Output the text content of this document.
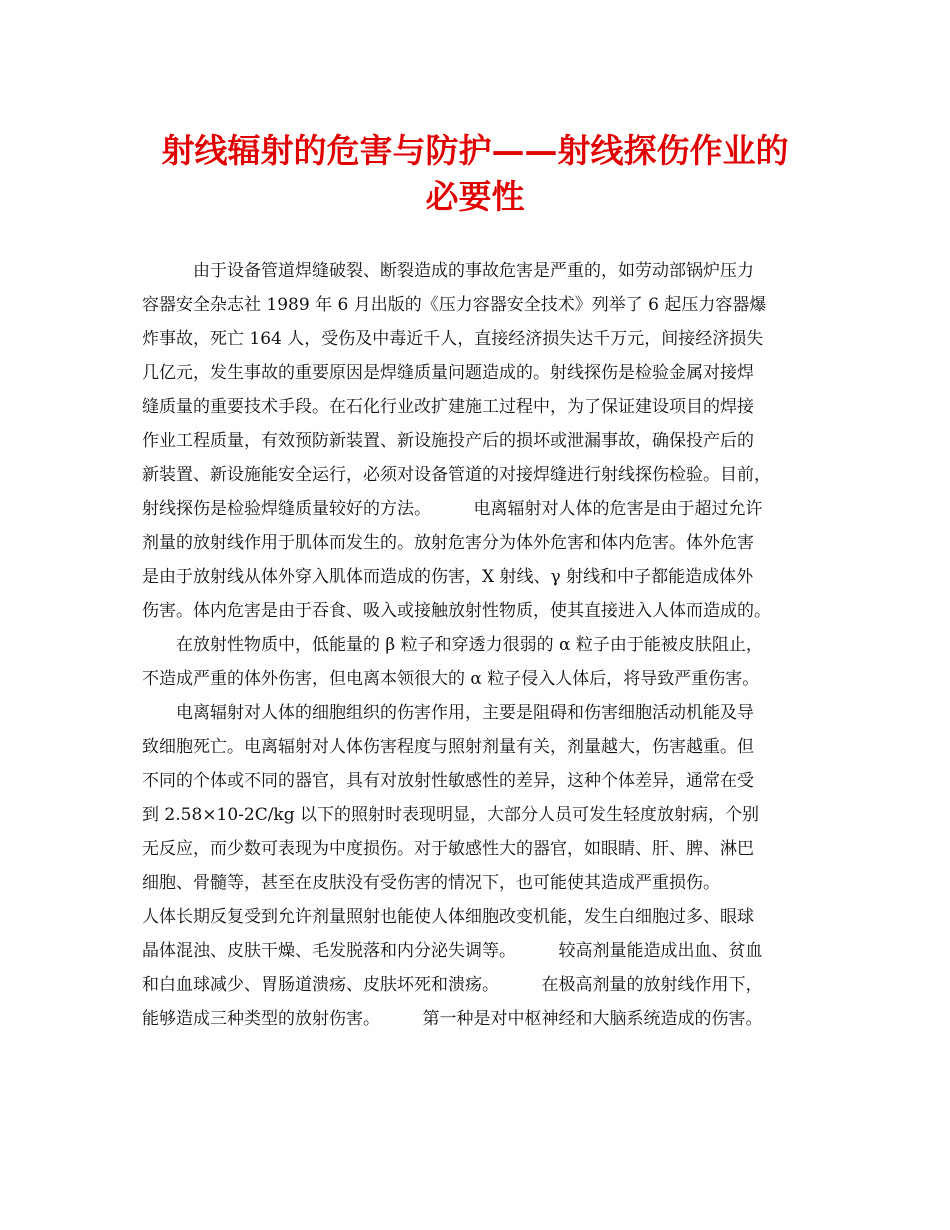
射线辐射的危害与防护——射线探伤作业的
必要性
　　　由于设备管道焊缝破裂、断裂造成的事故危害是严重的，如劳动部锅炉压力
容器安全杂志社 1989 年 6 月出版的《压力容器安全技术》列举了 6 起压力容器爆
炸事故，死亡 164 人，受伤及中毒近千人，直接经济损失达千万元，间接经济损失
几亿元，发生事故的重要原因是焊缝质量问题造成的。射线探伤是检验金属对接焊
缝质量的重要技术手段。在石化行业改扩建施工过程中，为了保证建设项目的焊接
作业工程质量，有效预防新装置、新设施投产后的损坏或泄漏事故，确保投产后的
新装置、新设施能安全运行，必须对设备管道的对接焊缝进行射线探伤检验。目前，
射线探伤是检验焊缝质量较好的方法。　　　电离辐射对人体的危害是由于超过允许
剂量的放射线作用于肌体而发生的。放射危害分为体外危害和体内危害。体外危害
是由于放射线从体外穿入肌体而造成的伤害，X 射线、γ 射线和中子都能造成体外
伤害。体内危害是由于吞食、吸入或接触放射性物质，使其直接进入人体而造成的。
　　在放射性物质中，低能量的 β 粒子和穿透力很弱的 α 粒子由于能被皮肤阻止，
不造成严重的体外伤害，但电离本领很大的 α 粒子侵入人体后，将导致严重伤害。
　　电离辐射对人体的细胞组织的伤害作用，主要是阻碍和伤害细胞活动机能及导
致细胞死亡。电离辐射对人体伤害程度与照射剂量有关，剂量越大，伤害越重。但
不同的个体或不同的器官，具有对放射性敏感性的差异，这种个体差异，通常在受
到 2.58×10-2C/kg 以下的照射时表现明显，大部分人员可发生轻度放射病，个别
无反应，而少数可表现为中度损伤。对于敏感性大的器官，如眼睛、肝、脾、淋巴
细胞、骨髓等，甚至在皮肤没有受伤害的情况下，也可能使其造成严重损伤。
人体长期反复受到允许剂量照射也能使人体细胞改变机能，发生白细胞过多、眼球
晶体混浊、皮肤干燥、毛发脱落和内分泌失调等。　　　较高剂量能造成出血、贫血
和白血球减少、胃肠道溃疡、皮肤坏死和溃疡。　　　在极高剂量的放射线作用下，
能够造成三种类型的放射伤害。　　　第一种是对中枢神经和大脑系统造成的伤害。
